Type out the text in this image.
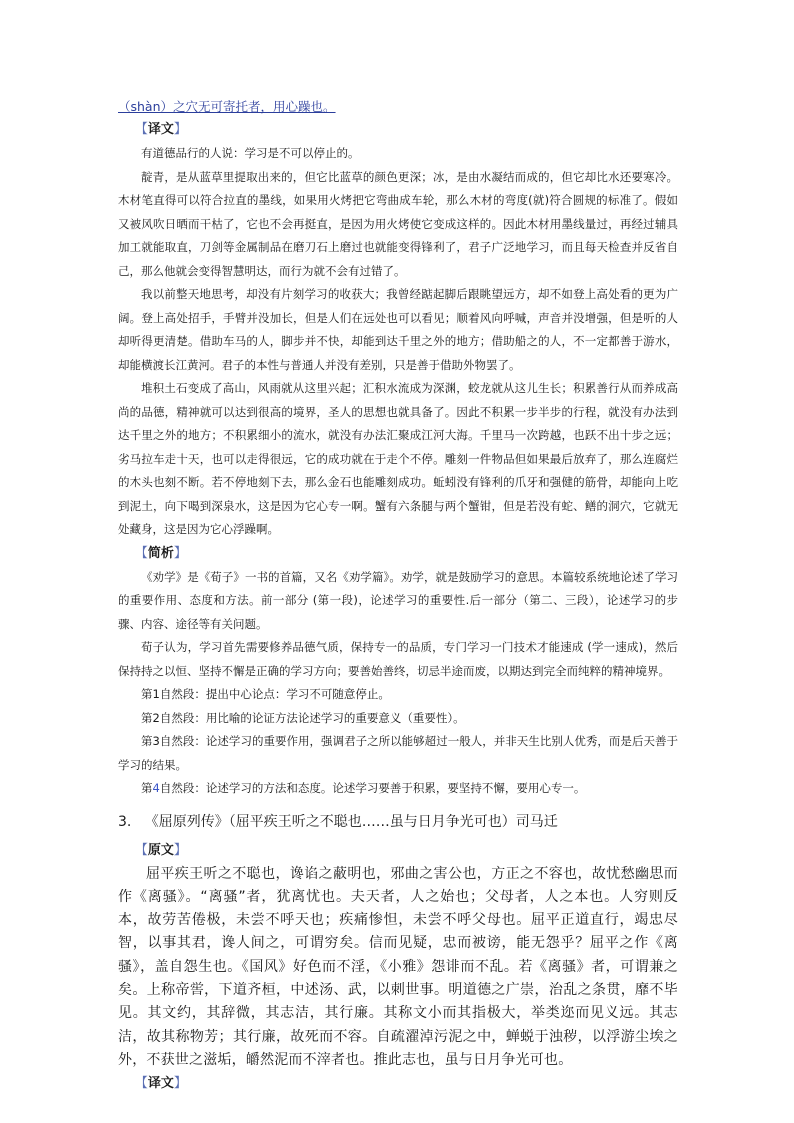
（shàn）之穴无可寄托者，用心躁也。

【译文】

有道德品行的人说：学习是不可以停止的。

靛青，是从蓝草里提取出来的，但它比蓝草的颜色更深；冰，是由水凝结而成的，但它却比水还要寒冷。木材笔直得可以符合拉直的墨线，如果用火烤把它弯曲成车轮，那么木材的弯度(就)符合圆规的标准了。假如又被风吹日晒而干枯了，它也不会再挺直，是因为用火烤使它变成这样的。因此木材用墨线量过，再经过辅具加工就能取直，刀剑等金属制品在磨刀石上磨过也就能变得锋利了，君子广泛地学习，而且每天检查并反省自己，那么他就会变得智慧明达，而行为就不会有过错了。

我以前整天地思考，却没有片刻学习的收获大；我曾经踮起脚后跟眺望远方，却不如登上高处看的更为广阔。登上高处招手，手臂并没加长，但是人们在远处也可以看见；顺着风向呼喊，声音并没增强，但是听的人却听得更清楚。借助车马的人，脚步并不快，却能到达千里之外的地方；借助船之的人，不一定都善于游水，却能横渡长江黄河。君子的本性与普通人并没有差别，只是善于借助外物罢了。

堆积土石变成了高山，风雨就从这里兴起；汇积水流成为深渊，蛟龙就从这儿生长；积累善行从而养成高尚的品德，精神就可以达到很高的境界，圣人的思想也就具备了。因此不积累一步半步的行程，就没有办法到达千里之外的地方；不积累细小的流水，就没有办法汇聚成江河大海。千里马一次跨越，也跃不出十步之远；劣马拉车走十天，也可以走得很远，它的成功就在于走个不停。雕刻一件物品但如果最后放弃了，那么连腐烂的木头也刻不断。若不停地刻下去，那么金石也能雕刻成功。蚯蚓没有锋利的爪牙和强健的筋骨，却能向上吃到泥土，向下喝到深泉水，这是因为它心专一啊。蟹有六条腿与两个蟹钳，但是若没有蛇、鳝的洞穴，它就无处藏身，这是因为它心浮躁啊。

【简析】

《劝学》是《荀子》一书的首篇，又名《劝学篇》。劝学，就是鼓励学习的意思。本篇较系统地论述了学习的重要作用、态度和方法。前一部分 (第一段)，论述学习的重要性.后一部分（第二、三段），论述学习的步骤、内容、途径等有关问题。

荀子认为，学习首先需要修养品德气质，保持专一的品质，专门学习一门技术才能速成 (学一速成)，然后保持持之以恒、坚持不懈是正确的学习方向；要善始善终，切忌半途而废，以期达到完全而纯粹的精神境界。

第1自然段：提出中心论点：学习不可随意停止。

第2自然段：用比喻的论证方法论述学习的重要意义（重要性）。

第3自然段：论述学习的重要作用，强调君子之所以能够超过一般人，并非天生比别人优秀，而是后天善于学习的结果。

第4自然段：论述学习的方法和态度。论述学习要善于积累，要坚持不懈，要用心专一。

3. 《屈原列传》（屈平疾王听之不聪也……虽与日月争光可也）司马迁

【原文】

屈平疾王听之不聪也，谗谄之蔽明也，邪曲之害公也，方正之不容也，故忧愁幽思而作《离骚》。“离骚”者，犹离忧也。夫天者，人之始也；父母者，人之本也。人穷则反本，故劳苦倦极，未尝不呼天也；疾痛惨怛，未尝不呼父母也。屈平正道直行，竭忠尽智，以事其君，谗人间之，可谓穷矣。信而见疑，忠而被谤，能无怨乎？屈平之作《离骚》，盖自怨生也。《国风》好色而不淫，《小雅》怨诽而不乱。若《离骚》者，可谓兼之矣。上称帝喾，下道齐桓，中述汤、武，以刺世事。明道德之广崇，治乱之条贯，靡不毕见。其文约，其辞微，其志洁，其行廉。其称文小而其指极大，举类迩而见义远。其志洁，故其称物芳；其行廉，故死而不容。自疏濯淖污泥之中，蝉蜕于浊秽，以浮游尘埃之外，不获世之滋垢，皭然泥而不滓者也。推此志也，虽与日月争光可也。

【译文】
